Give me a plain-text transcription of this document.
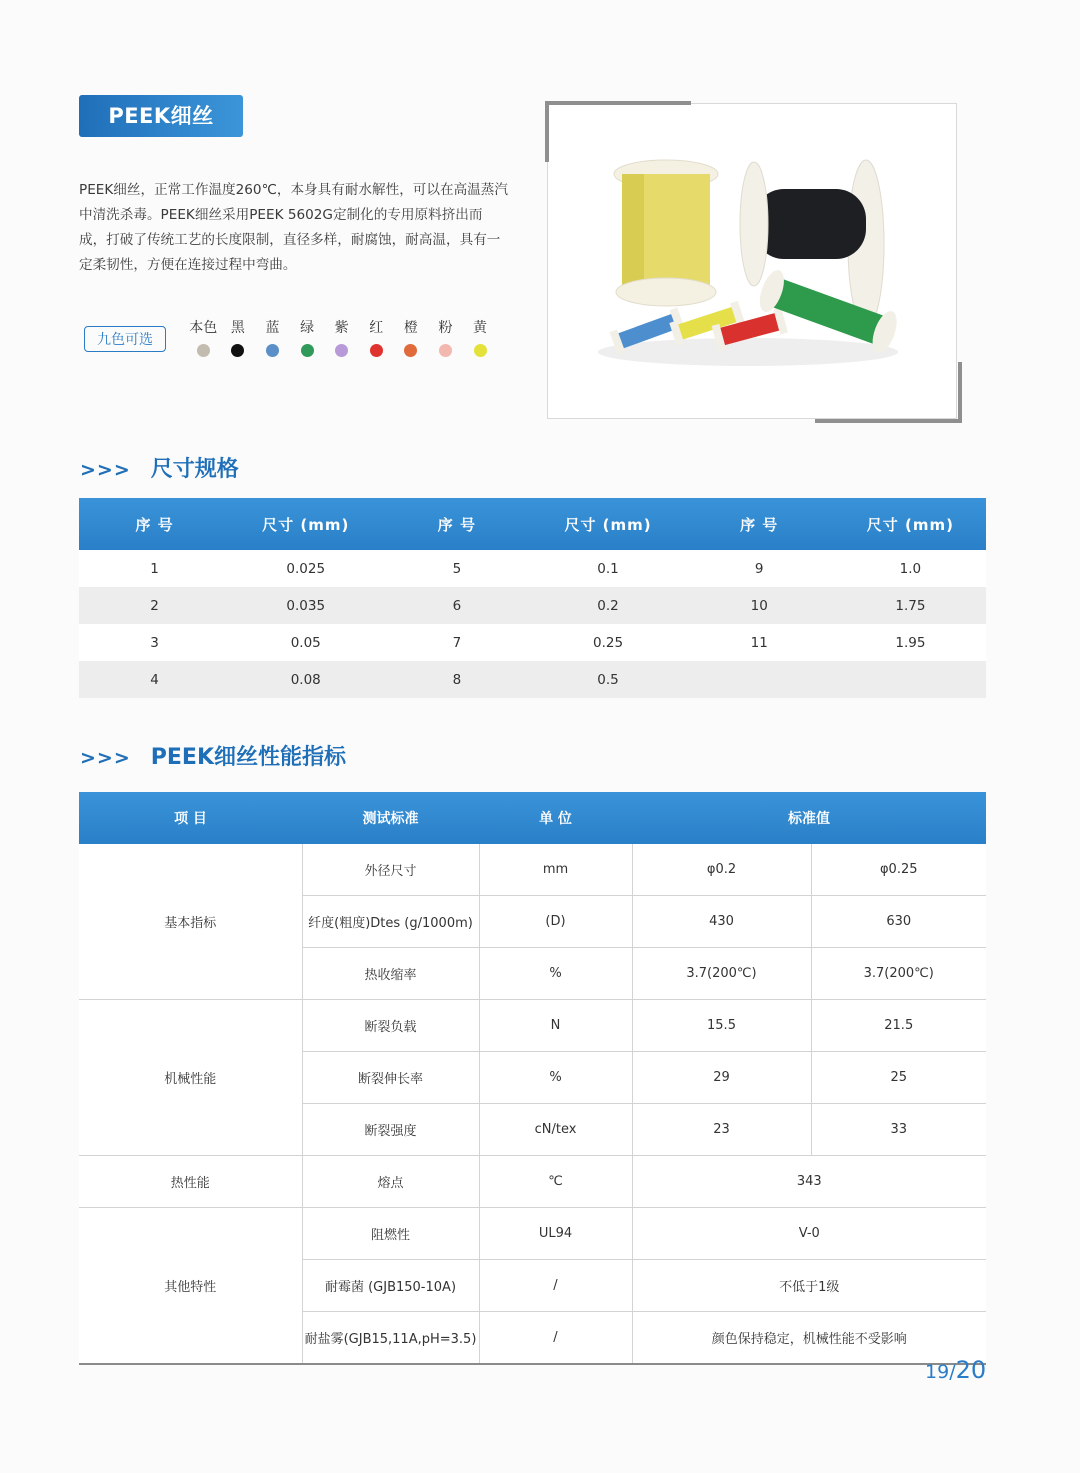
PEEK细丝

PEEK细丝，正常工作温度260℃，本身具有耐水解性，可以在高温蒸汽中清洗杀毒。PEEK细丝采用PEEK 5602G定制化的专用原料挤出而成，打破了传统工艺的长度限制，直径多样，耐腐蚀，耐高温，具有一定柔韧性，方便在连接过程中弯曲。

九色可选
本色 黑 蓝 绿 紫 红 橙 粉 黄
>>> 尺寸规格
序 号	尺寸 (mm)	序 号	尺寸 (mm)	序 号	尺寸 (mm)
1	0.025	5	0.1	9	1.0
2	0.035	6	0.2	10	1.75
3	0.05	7	0.25	11	1.95
4	0.08	8	0.5		
>>> PEEK细丝性能指标
项 目	测试标准	单 位	标准值	
基本指标	外径尺寸	mm	φ0.2	φ0.25
	纤度(粗度)Dtes (g/1000m)	(D)	430	630
	热收缩率	%	3.7(200℃)	3.7(200℃)
机械性能	断裂负载	N	15.5	21.5
	断裂伸长率	%	29	25
	断裂强度	cN/tex	23	33
热性能	熔点	℃	343	
其他特性	阻燃性	UL94	V-0	
	耐霉菌 (GJB150-10A)	/	不低于1级	
	耐盐雾(GJB15,11A,pH=3.5)	/	颜色保持稳定，机械性能不受影响	
19/20
